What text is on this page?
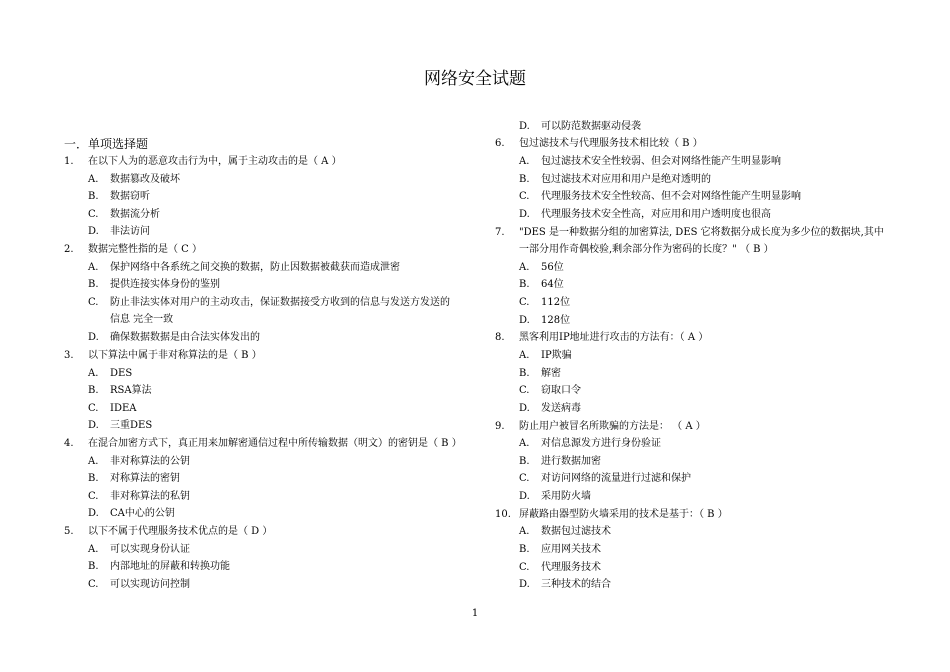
网络安全试题
一．单项选择题
1. 在以下人为的恶意攻击行为中，属于主动攻击的是（ A ）
A. 数据篡改及破坏
B. 数据窃听
C. 数据流分析
D. 非法访问
2. 数据完整性指的是（ C ）
A. 保护网络中各系统之间交换的数据，防止因数据被截获而造成泄密
B. 提供连接实体身份的鉴别
C. 防止非法实体对用户的主动攻击，保证数据接受方收到的信息与发送方发送的
信息 完全一致
D. 确保数据数据是由合法实体发出的
3. 以下算法中属于非对称算法的是（ B ）
A. DES
B. RSA算法
C. IDEA
D. 三重DES
4. 在混合加密方式下，真正用来加解密通信过程中所传输数据（明文）的密钥是（ B ）
A. 非对称算法的公钥
B. 对称算法的密钥
C. 非对称算法的私钥
D. CA中心的公钥
5. 以下不属于代理服务技术优点的是（ D ）
A. 可以实现身份认证
B. 内部地址的屏蔽和转换功能
C. 可以实现访问控制
D. 可以防范数据驱动侵袭
6. 包过滤技术与代理服务技术相比较（ B ）
A. 包过滤技术安全性较弱、但会对网络性能产生明显影响
B. 包过滤技术对应用和用户是绝对透明的
C. 代理服务技术安全性较高、但不会对网络性能产生明显影响
D. 代理服务技术安全性高，对应用和用户透明度也很高
7. "DES 是一种数据分组的加密算法, DES 它将数据分成长度为多少位的数据块,其中
一部分用作奇偶校验,剩余部分作为密码的长度？" （ B ）
A. 56位
B. 64位
C. 112位
D. 128位
8. 黑客利用IP地址进行攻击的方法有：（ A ）
A. IP欺骗
B. 解密
C. 窃取口令
D. 发送病毒
9. 防止用户被冒名所欺骗的方法是： （ A ）
A. 对信息源发方进行身份验证
B. 进行数据加密
C. 对访问网络的流量进行过滤和保护
D. 采用防火墙
10. 屏蔽路由器型防火墙采用的技术是基于：（ B ）
A. 数据包过滤技术
B. 应用网关技术
C. 代理服务技术
D. 三种技术的结合
1
